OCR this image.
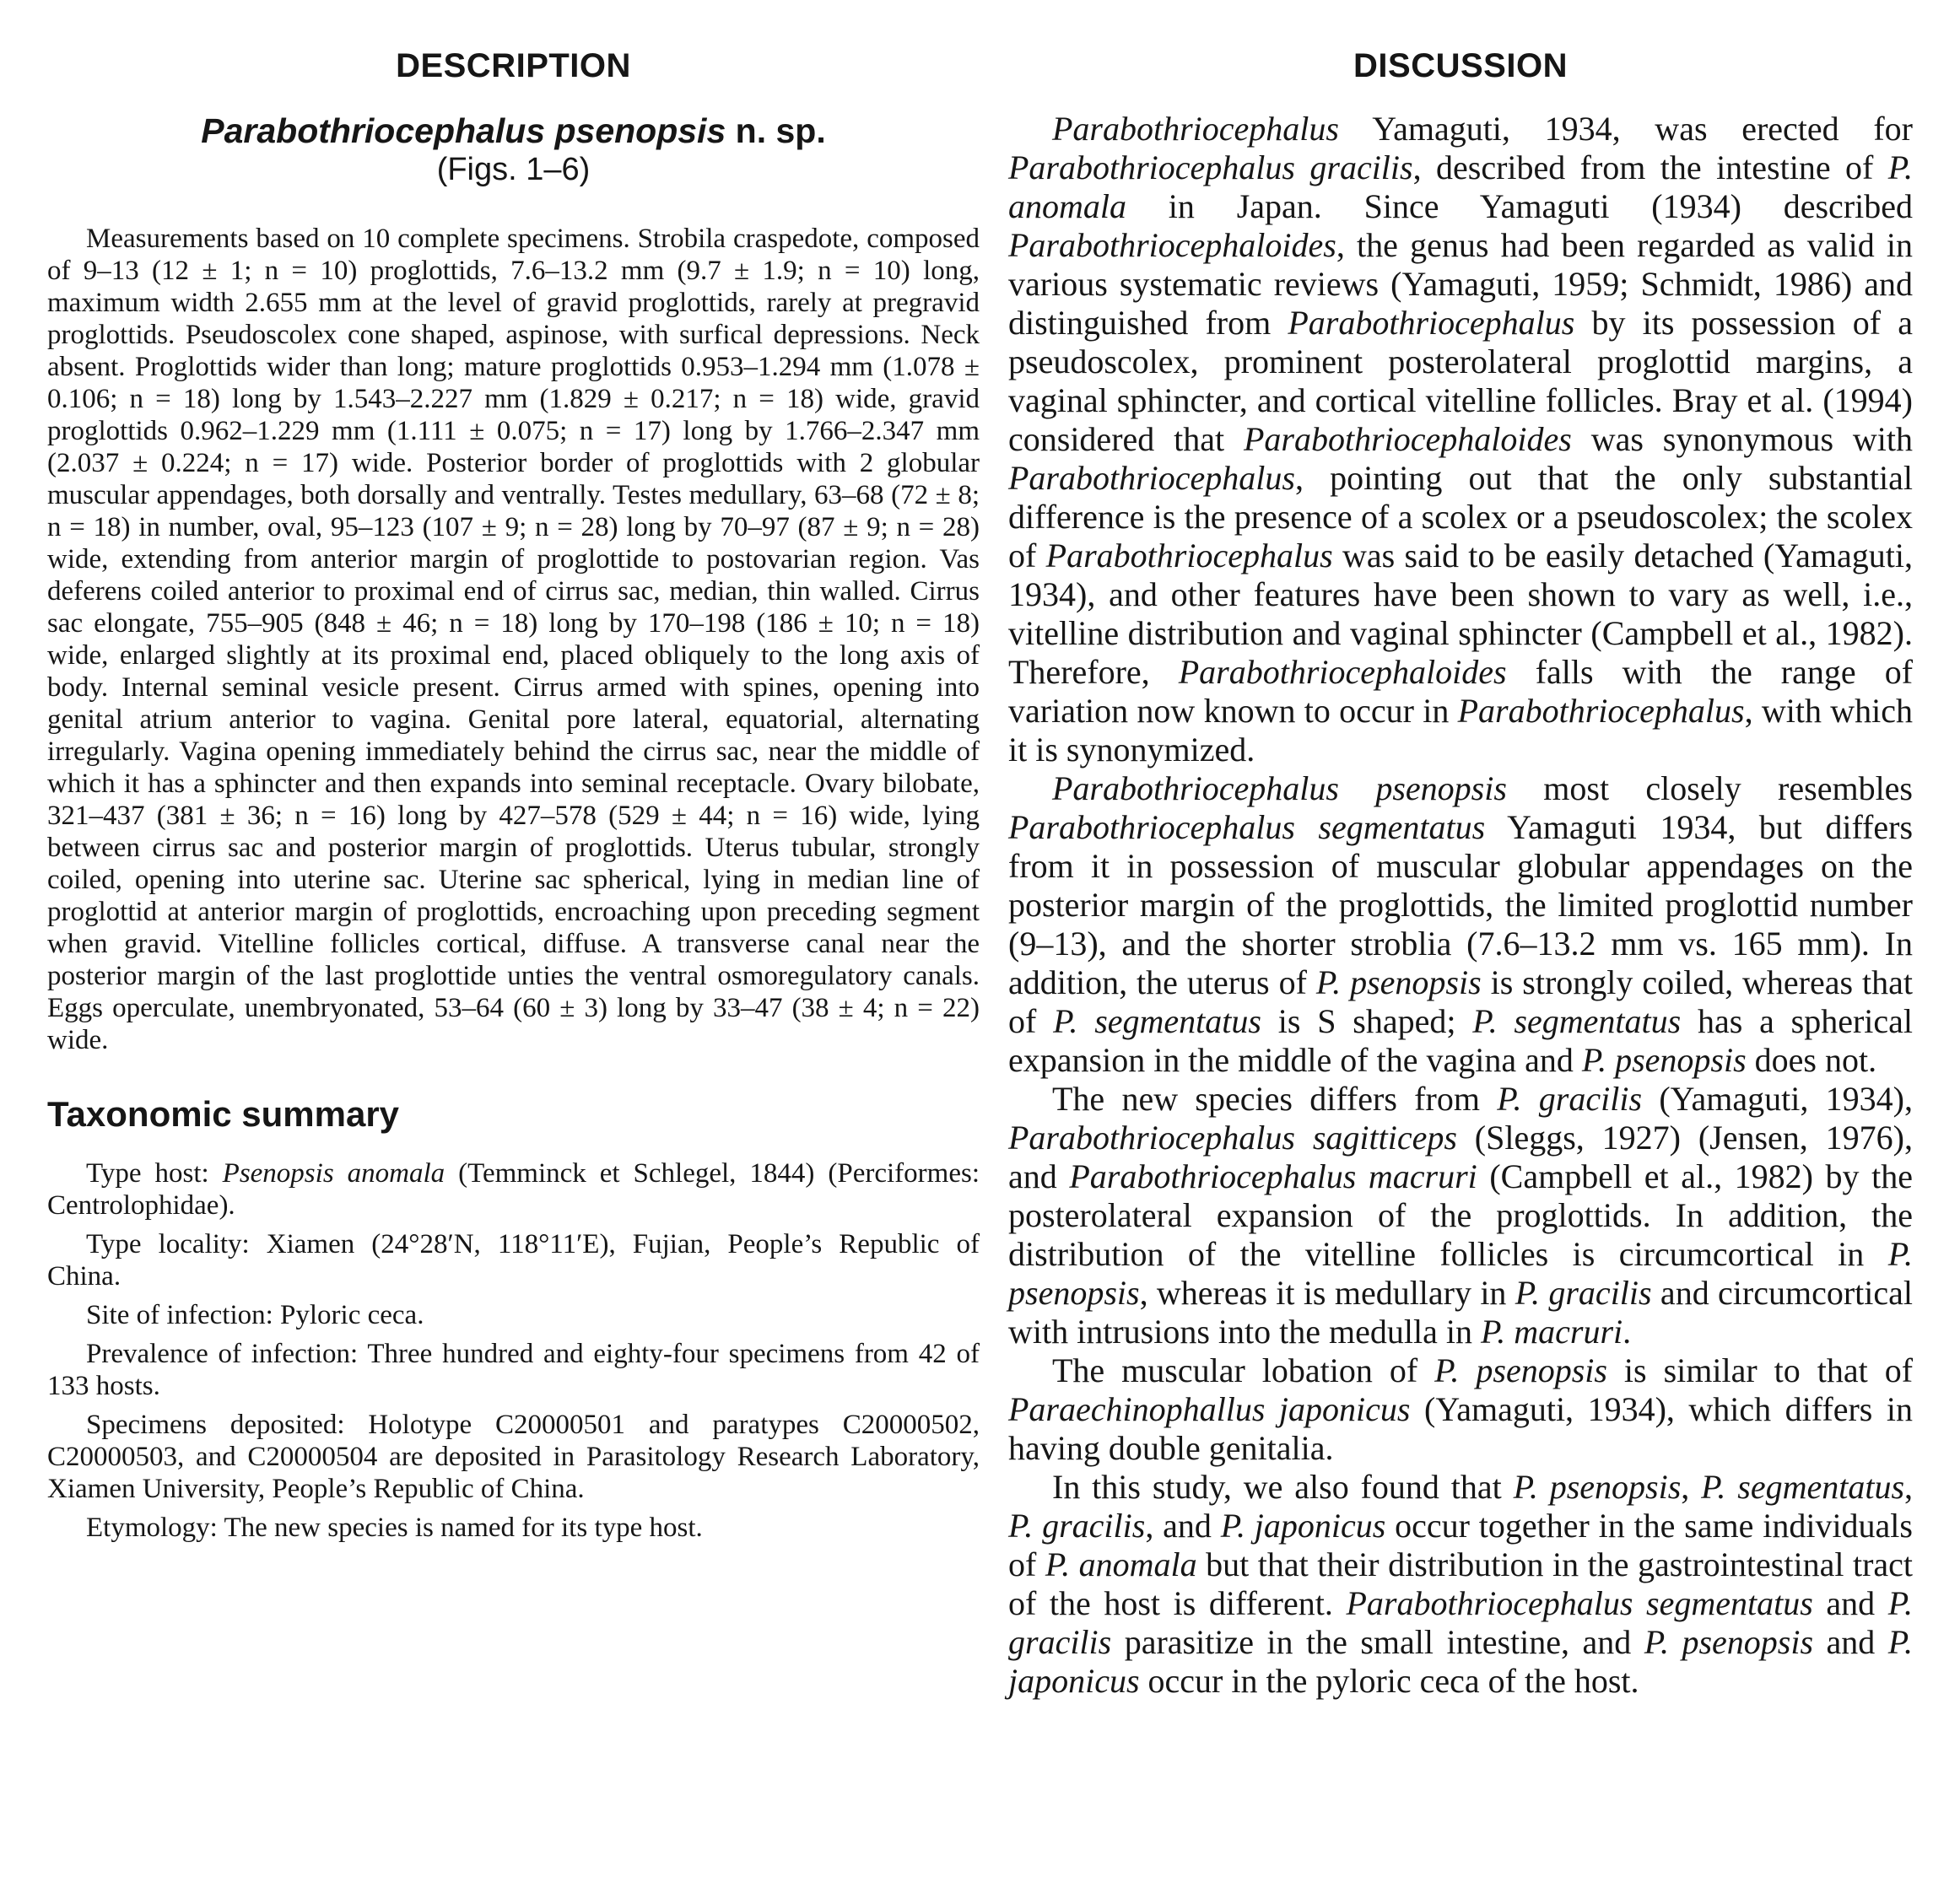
DESCRIPTION
Parabothriocephalus psenopsis n. sp.
(Figs. 1–6)

Measurements based on 10 complete specimens. Strobila craspedote, composed of 9–13 (12 ± 1; n = 10) proglottids, 7.6–13.2 mm (9.7 ± 1.9; n = 10) long, maximum width 2.655 mm at the level of gravid proglottids, rarely at pregravid proglottids. Pseudoscolex cone shaped, aspinose, with surfical depressions. Neck absent. Proglottids wider than long; mature proglottids 0.953–1.294 mm (1.078 ± 0.106; n = 18) long by 1.543–2.227 mm (1.829 ± 0.217; n = 18) wide, gravid proglottids 0.962–1.229 mm (1.111 ± 0.075; n = 17) long by 1.766–2.347 mm (2.037 ± 0.224; n = 17) wide. Posterior border of proglottids with 2 globular muscular appendages, both dorsally and ventrally. Testes medullary, 63–68 (72 ± 8; n = 18) in number, oval, 95–123 (107 ± 9; n = 28) long by 70–97 (87 ± 9; n = 28) wide, extending from anterior margin of proglottide to postovarian region. Vas deferens coiled anterior to proximal end of cirrus sac, median, thin walled. Cirrus sac elongate, 755–905 (848 ± 46; n = 18) long by 170–198 (186 ± 10; n = 18) wide, enlarged slightly at its proximal end, placed obliquely to the long axis of body. Internal seminal vesicle present. Cirrus armed with spines, opening into genital atrium anterior to vagina. Genital pore lateral, equatorial, alternating irregularly. Vagina opening immediately behind the cirrus sac, near the middle of which it has a sphincter and then expands into seminal receptacle. Ovary bilobate, 321–437 (381 ± 36; n = 16) long by 427–578 (529 ± 44; n = 16) wide, lying between cirrus sac and posterior margin of proglottids. Uterus tubular, strongly coiled, opening into uterine sac. Uterine sac spherical, lying in median line of proglottid at anterior margin of proglottids, encroaching upon preceding segment when gravid. Vitelline follicles cortical, diffuse. A transverse canal near the posterior margin of the last proglottide unties the ventral osmoregulatory canals. Eggs operculate, unembryonated, 53–64 (60 ± 3) long by 33–47 (38 ± 4; n = 22) wide.

Taxonomic summary

Type host: Psenopsis anomala (Temminck et Schlegel, 1844) (Perciformes: Centrolophidae).

Type locality: Xiamen (24°28′N, 118°11′E), Fujian, People’s Republic of China.

Site of infection: Pyloric ceca.

Prevalence of infection: Three hundred and eighty-four specimens from 42 of 133 hosts.

Specimens deposited: Holotype C20000501 and paratypes C20000502, C20000503, and C20000504 are deposited in Parasitology Research Laboratory, Xiamen University, People’s Republic of China.

Etymology: The new species is named for its type host.

DISCUSSION

Parabothriocephalus Yamaguti, 1934, was erected for Parabothriocephalus gracilis, described from the intestine of P. anomala in Japan. Since Yamaguti (1934) described Parabothriocephaloides, the genus had been regarded as valid in various systematic reviews (Yamaguti, 1959; Schmidt, 1986) and distinguished from Parabothriocephalus by its possession of a pseudoscolex, prominent posterolateral proglottid margins, a vaginal sphincter, and cortical vitelline follicles. Bray et al. (1994) considered that Parabothriocephaloides was synonymous with Parabothriocephalus, pointing out that the only substantial difference is the presence of a scolex or a pseudoscolex; the scolex of Parabothriocephalus was said to be easily detached (Yamaguti, 1934), and other features have been shown to vary as well, i.e., vitelline distribution and vaginal sphincter (Campbell et al., 1982). Therefore, Parabothriocephaloides falls with the range of variation now known to occur in Parabothriocephalus, with which it is synonymized.

Parabothriocephalus psenopsis most closely resembles Parabothriocephalus segmentatus Yamaguti 1934, but differs from it in possession of muscular globular appendages on the posterior margin of the proglottids, the limited proglottid number (9–13), and the shorter stroblia (7.6–13.2 mm vs. 165 mm). In addition, the uterus of P. psenopsis is strongly coiled, whereas that of P. segmentatus is S shaped; P. segmentatus has a spherical expansion in the middle of the vagina and P. psenopsis does not.

The new species differs from P. gracilis (Yamaguti, 1934), Parabothriocephalus sagitticeps (Sleggs, 1927) (Jensen, 1976), and Parabothriocephalus macruri (Campbell et al., 1982) by the posterolateral expansion of the proglottids. In addition, the distribution of the vitelline follicles is circumcortical in P. psenopsis, whereas it is medullary in P. gracilis and circumcortical with intrusions into the medulla in P. macruri.

The muscular lobation of P. psenopsis is similar to that of Paraechinophallus japonicus (Yamaguti, 1934), which differs in having double genitalia.

In this study, we also found that P. psenopsis, P. segmentatus, P. gracilis, and P. japonicus occur together in the same individuals of P. anomala but that their distribution in the gastrointestinal tract of the host is different. Parabothriocephalus segmentatus and P. gracilis parasitize in the small intestine, and P. psenopsis and P. japonicus occur in the pyloric ceca of the host.
